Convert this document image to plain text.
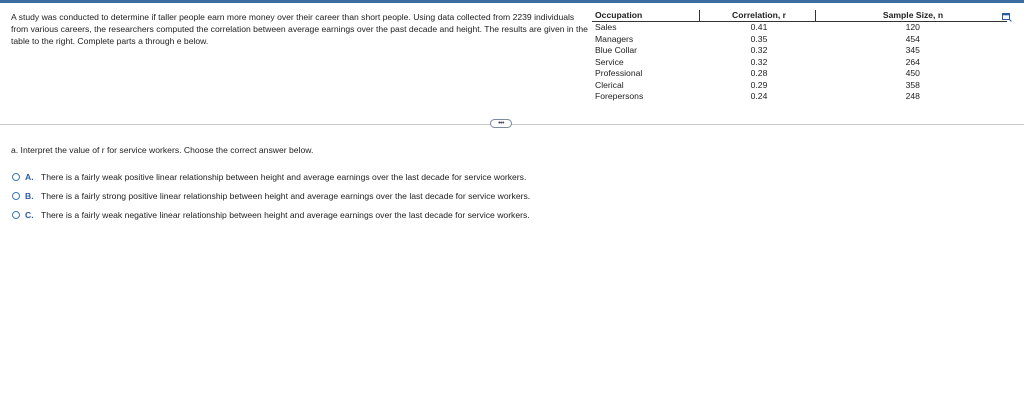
A study was conducted to determine if taller people earn more money over their career than short people. Using data collected from 2239 individuals from various careers, the researchers computed the correlation between average earnings over the past decade and height. The results are given in the table to the right. Complete parts a through e below.
Occupation	Correlation, r	Sample Size, n
Sales	0.41	120
Managers	0.35	454
Blue Collar	0.32	345
Service	0.32	264
Professional	0.28	450
Clerical	0.29	358
Forepersons	0.24	248
•••
a. Interpret the value of r for service workers. Choose the correct answer below.
A. There is a fairly weak positive linear relationship between height and average earnings over the last decade for service workers.
B. There is a fairly strong positive linear relationship between height and average earnings over the last decade for service workers.
C. There is a fairly weak negative linear relationship between height and average earnings over the last decade for service workers.
